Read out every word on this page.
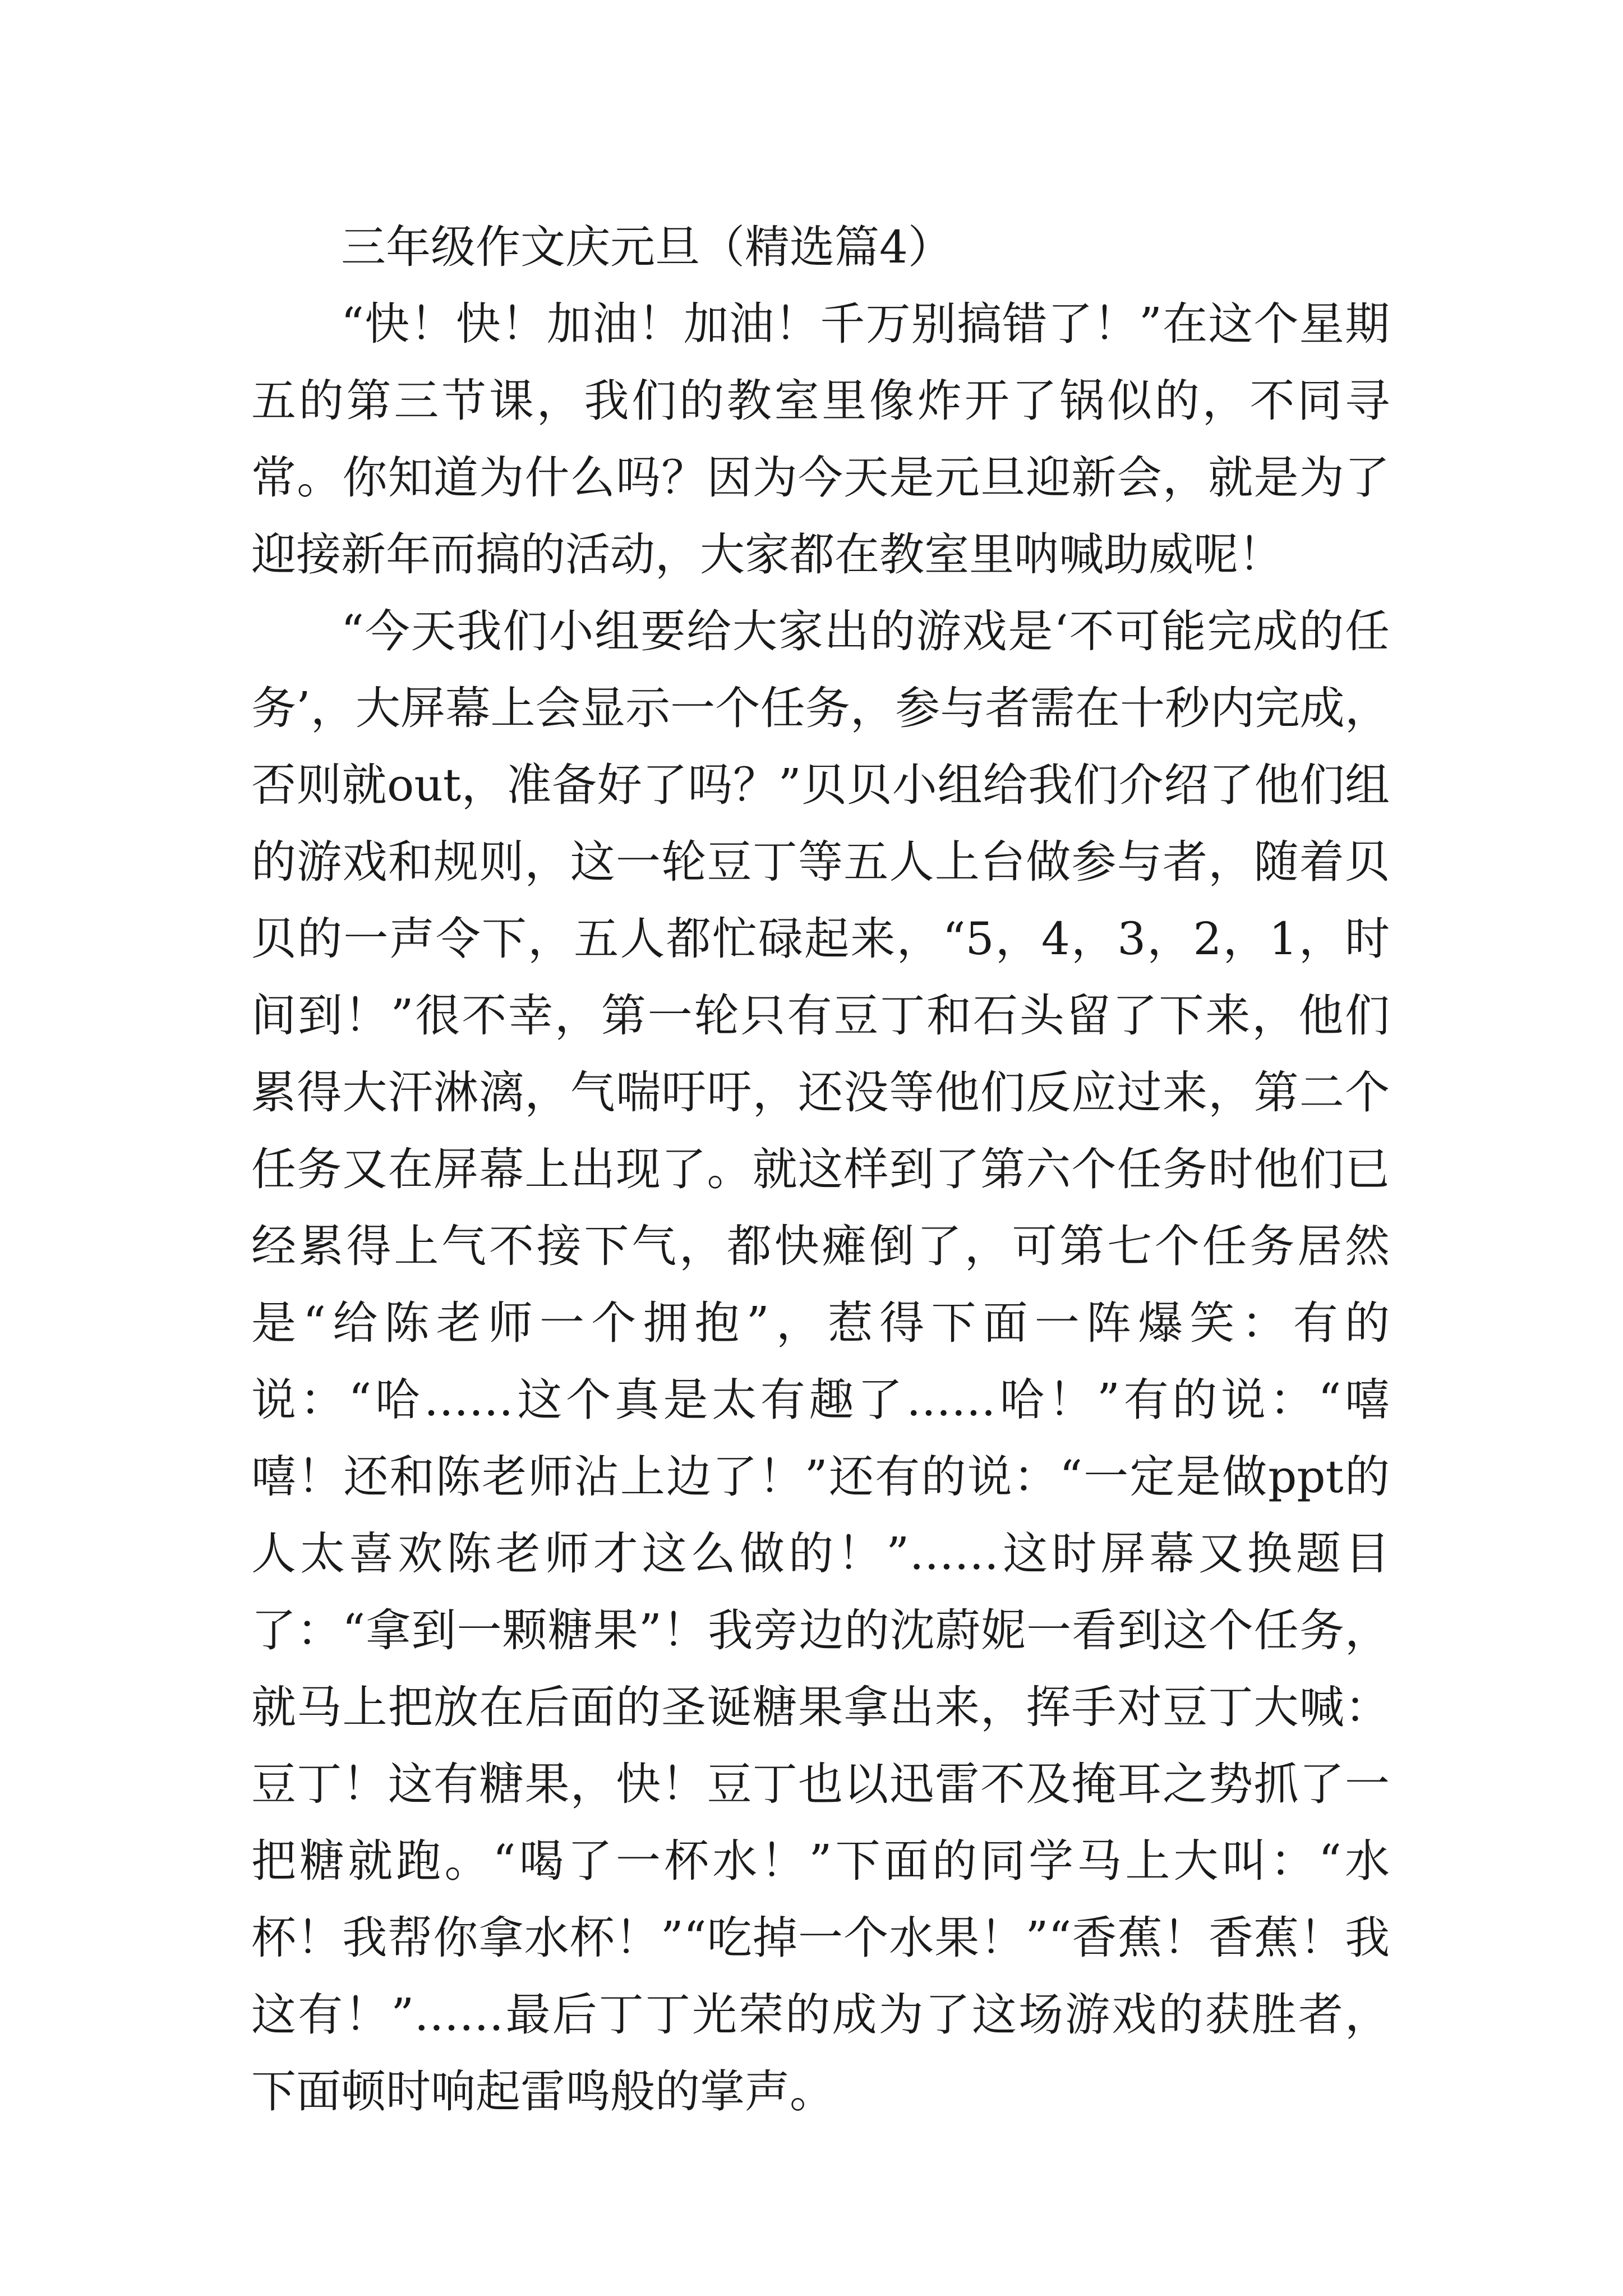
三年级作文庆元旦（精选篇4）

“快！快！加油！加油！千万别搞错了！”在这个星期五的第三节课，我们的教室里像炸开了锅似的，不同寻常。你知道为什么吗？因为今天是元旦迎新会，就是为了迎接新年而搞的活动，大家都在教室里呐喊助威呢！

“今天我们小组要给大家出的游戏是‘不可能完成的任务’，大屏幕上会显示一个任务，参与者需在十秒内完成，否则就out，准备好了吗？”贝贝小组给我们介绍了他们组的游戏和规则，这一轮豆丁等五人上台做参与者，随着贝贝的一声令下，五人都忙碌起来，“5，4，3，2，1，时间到！”很不幸，第一轮只有豆丁和石头留了下来，他们累得大汗淋漓，气喘吁吁，还没等他们反应过来，第二个任务又在屏幕上出现了。就这样到了第六个任务时他们已经累得上气不接下气，都快瘫倒了，可第七个任务居然是“给陈老师一个拥抱”，惹得下面一阵爆笑：有的说：“哈……这个真是太有趣了……哈！”有的说：“嘻嘻！还和陈老师沾上边了！”还有的说：“一定是做ppt的人太喜欢陈老师才这么做的！”……这时屏幕又换题目了：“拿到一颗糖果”！我旁边的沈蔚妮一看到这个任务，就马上把放在后面的圣诞糖果拿出来，挥手对豆丁大喊：豆丁！这有糖果，快！豆丁也以迅雷不及掩耳之势抓了一把糖就跑。“喝了一杯水！”下面的同学马上大叫：“水杯！我帮你拿水杯！”“吃掉一个水果！”“香蕉！香蕉！我这有！”……最后丁丁光荣的成为了这场游戏的获胜者，下面顿时响起雷鸣般的掌声。
